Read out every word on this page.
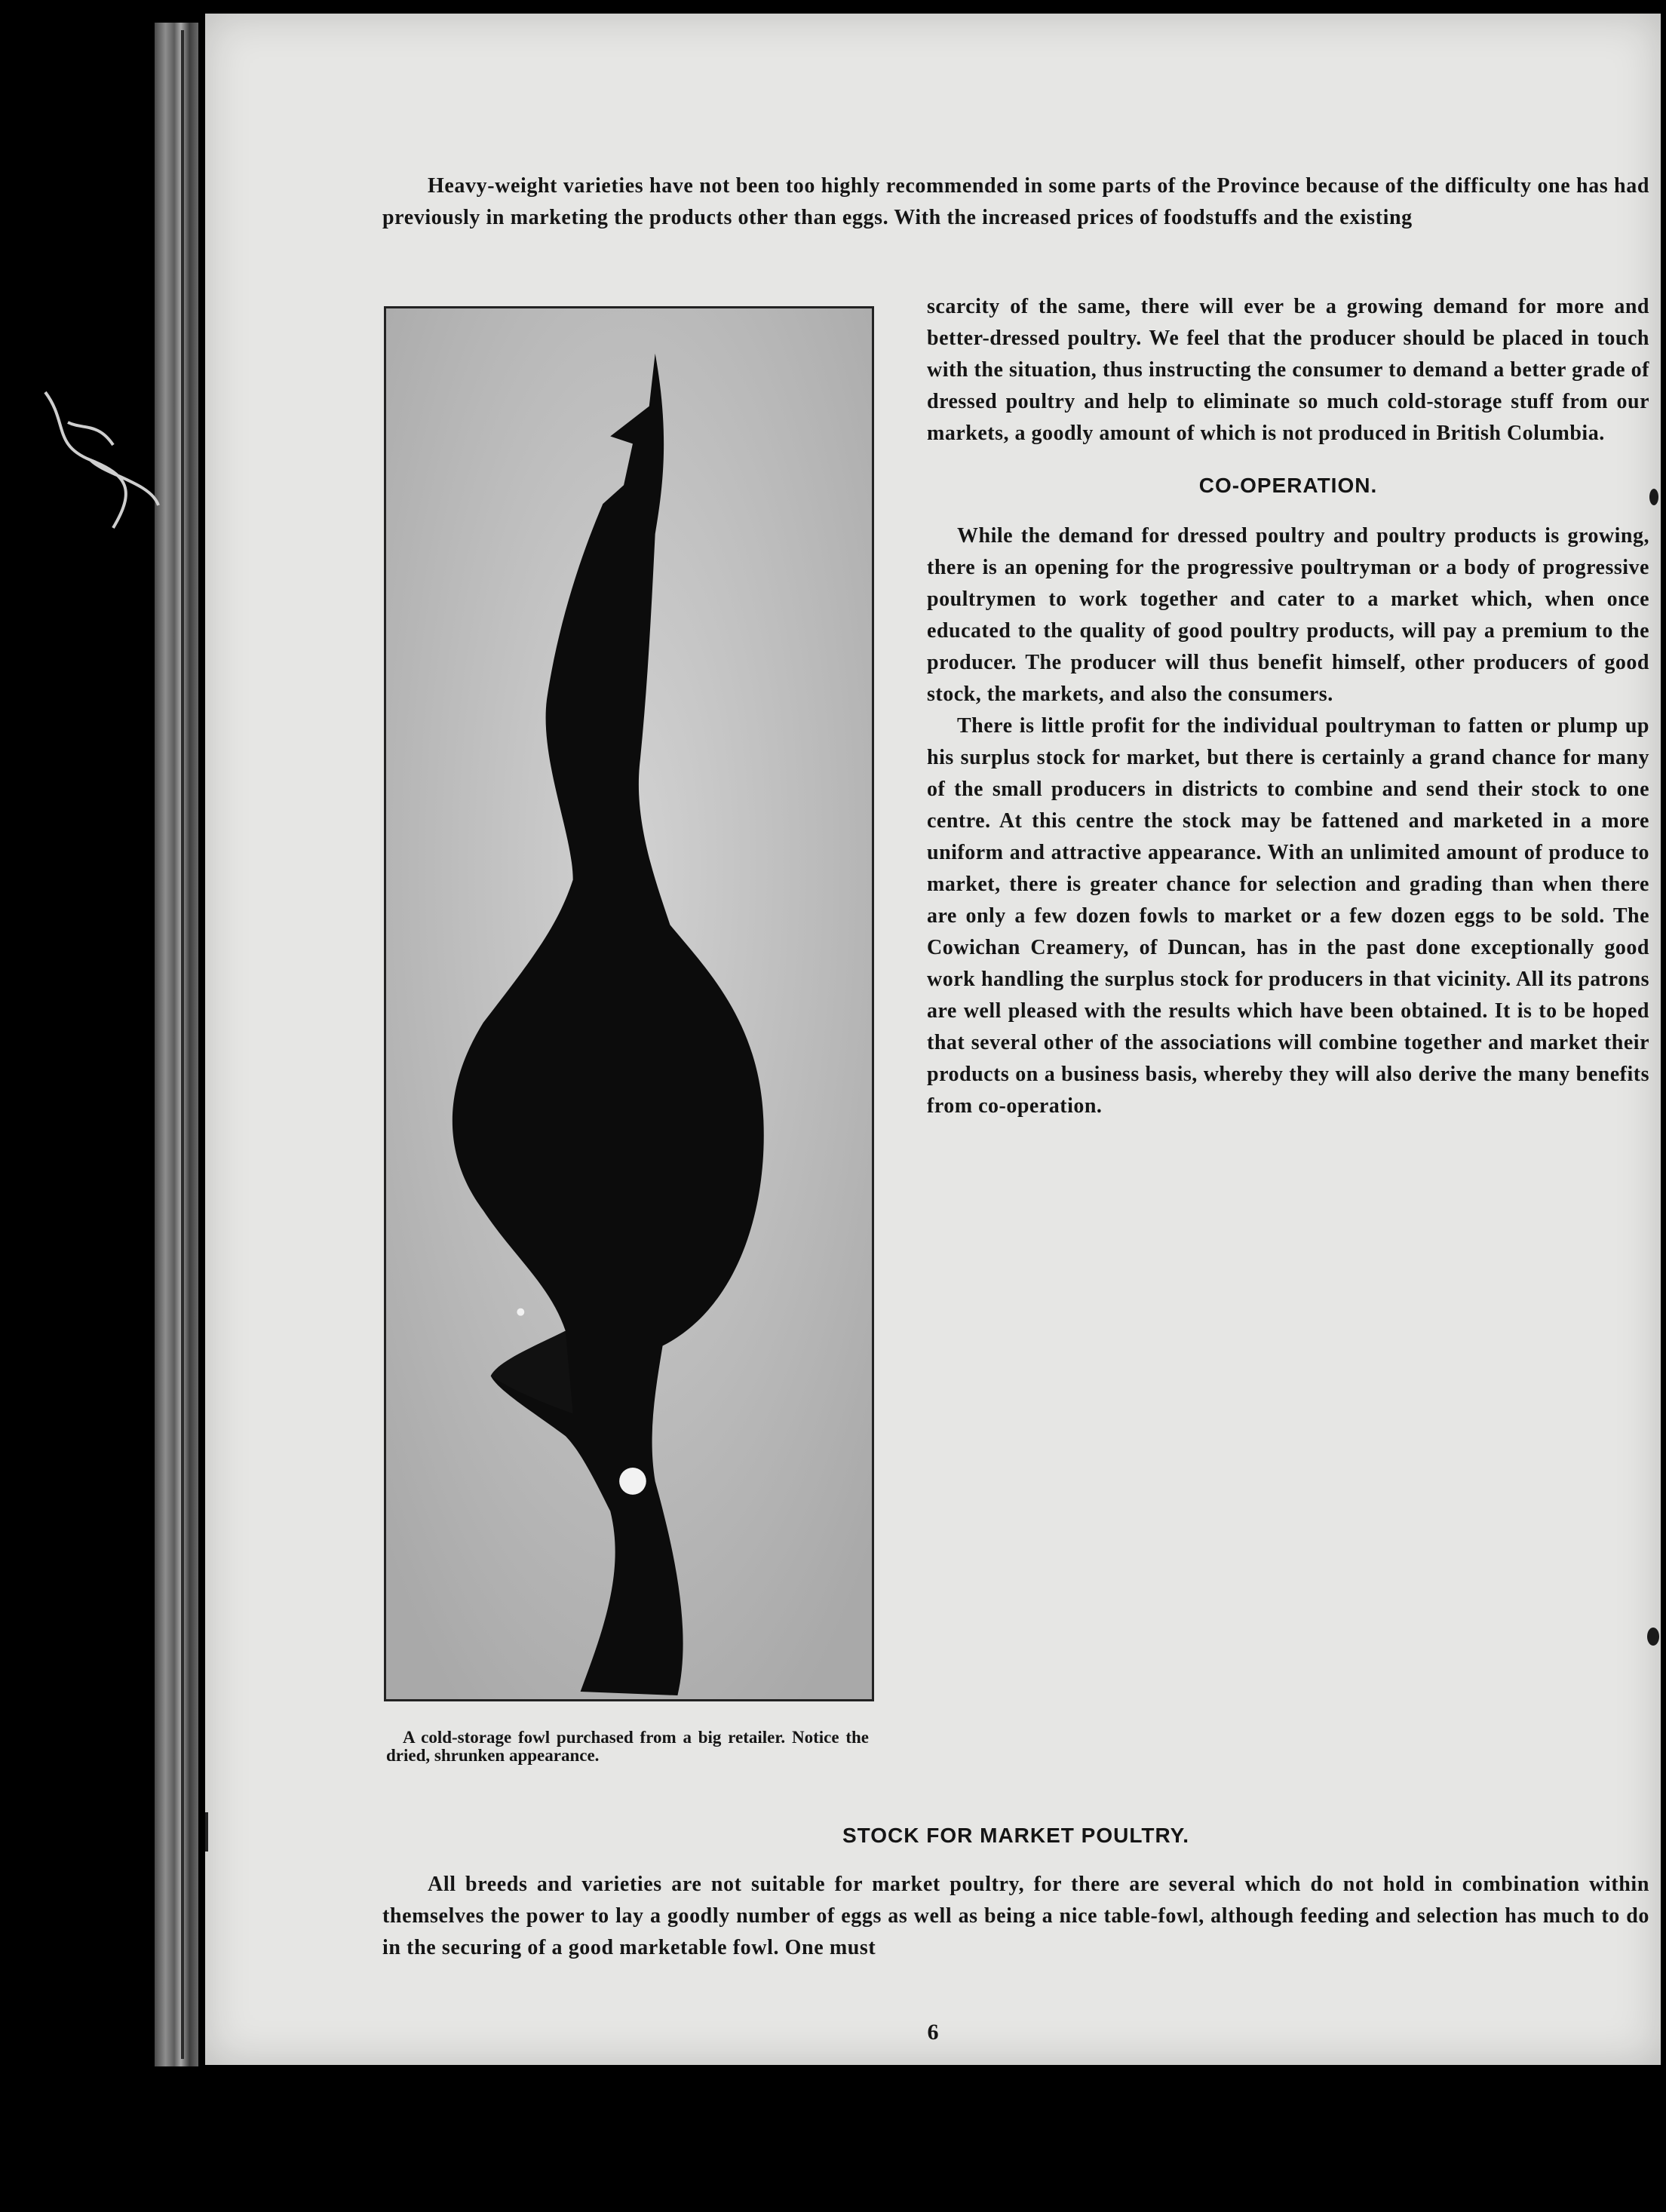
Heavy-weight varieties have not been too highly recommended in some parts of the Province because of the difficulty one has had previously in marketing the products other than eggs. With the increased prices of foodstuffs and the existing

A cold-storage fowl purchased from a big retailer. Notice the dried, shrunken appearance.

scarcity of the same, there will ever be a growing demand for more and better-dressed poultry. We feel that the producer should be placed in touch with the situation, thus instructing the consumer to demand a better grade of dressed poultry and help to eliminate so much cold-storage stuff from our markets, a goodly amount of which is not produced in British Columbia.

CO-OPERATION.

While the demand for dressed poultry and poultry products is growing, there is an opening for the progressive poultryman or a body of progressive poultrymen to work together and cater to a market which, when once educated to the quality of good poultry products, will pay a premium to the producer. The producer will thus benefit himself, other producers of good stock, the markets, and also the consumers.

There is little profit for the individual poultryman to fatten or plump up his surplus stock for market, but there is certainly a grand chance for many of the small producers in districts to combine and send their stock to one centre. At this centre the stock may be fattened and marketed in a more uniform and attractive appearance. With an unlimited amount of produce to market, there is greater chance for selection and grading than when there are only a few dozen fowls to market or a few dozen eggs to be sold. The Cowichan Creamery, of Duncan, has in the past done exceptionally good work handling the surplus stock for producers in that vicinity. All its patrons are well pleased with the results which have been obtained. It is to be hoped that several other of the associations will combine together and market their products on a business basis, whereby they will also derive the many benefits from co-operation.

STOCK FOR MARKET POULTRY.

All breeds and varieties are not suitable for market poultry, for there are several which do not hold in combination within themselves the power to lay a goodly number of eggs as well as being a nice table-fowl, although feeding and selection has much to do in the securing of a good marketable fowl. One must

6
